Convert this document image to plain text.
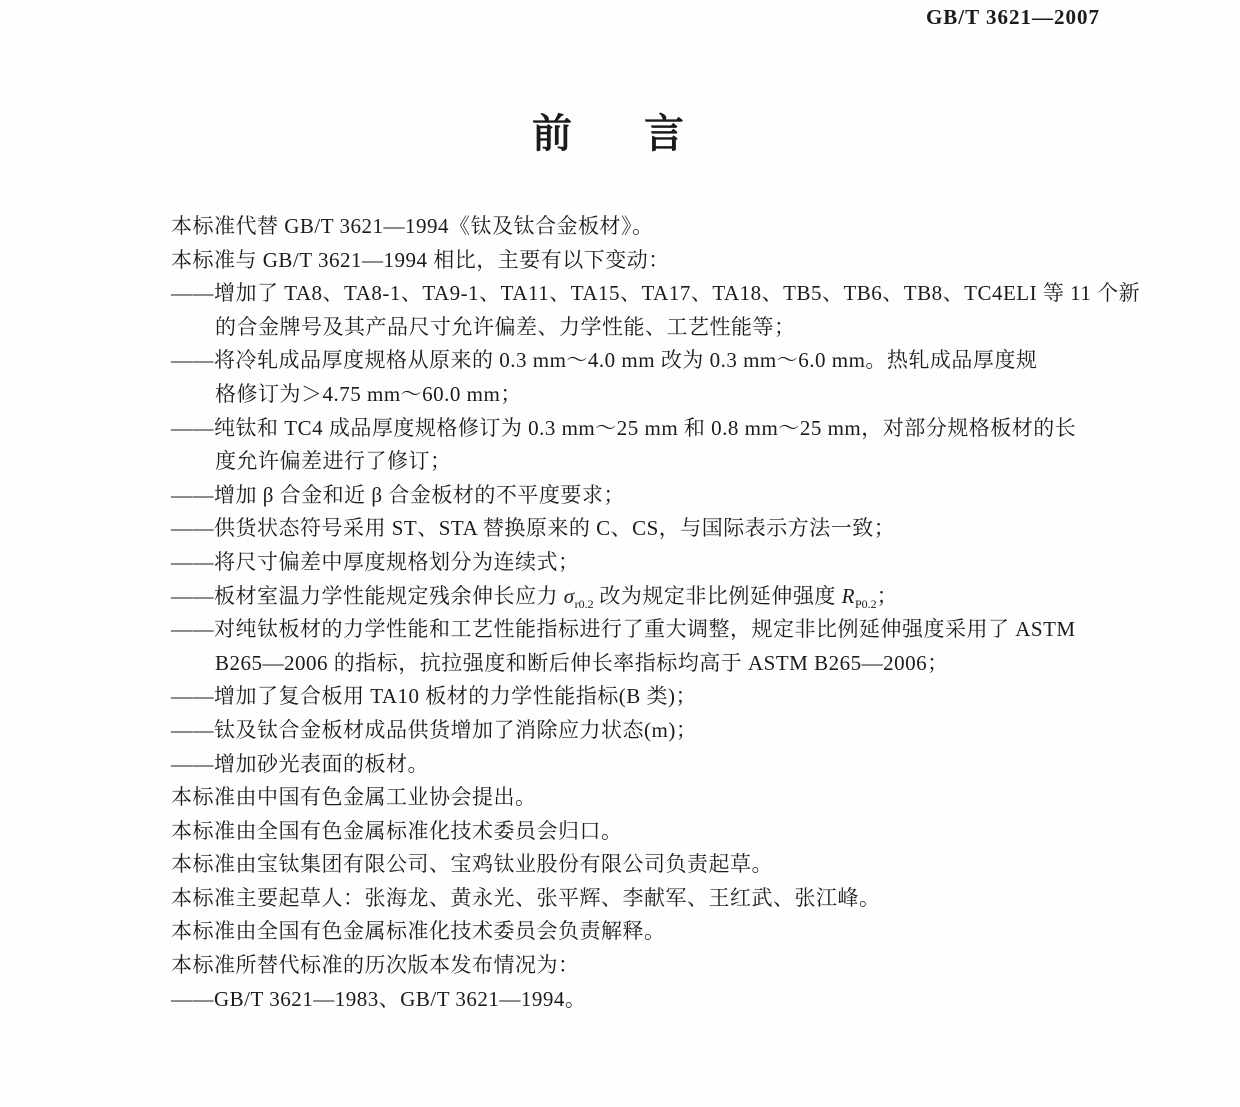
GB/T 3621—2007
前言
本标准代替 GB/T 3621—1994《钛及钛合金板材》。
本标准与 GB/T 3621—1994 相比，主要有以下变动：
——增加了 TA8、TA8-1、TA9-1、TA11、TA15、TA17、TA18、TB5、TB6、TB8、TC4ELI 等 11 个新
的合金牌号及其产品尺寸允许偏差、力学性能、工艺性能等；
——将冷轧成品厚度规格从原来的 0.3 mm～4.0 mm 改为 0.3 mm～6.0 mm。热轧成品厚度规
格修订为＞4.75 mm～60.0 mm；
——纯钛和 TC4 成品厚度规格修订为 0.3 mm～25 mm 和 0.8 mm～25 mm，对部分规格板材的长
度允许偏差进行了修订；
——增加 β 合金和近 β 合金板材的不平度要求；
——供货状态符号采用 ST、STA 替换原来的 C、CS，与国际表示方法一致；
——将尺寸偏差中厚度规格划分为连续式；
——板材室温力学性能规定残余伸长应力 $\sigma_{r0.2}$ 改为规定非比例延伸强度 $R_{P0.2}$；
——对纯钛板材的力学性能和工艺性能指标进行了重大调整，规定非比例延伸强度采用了 ASTM
B265—2006 的指标，抗拉强度和断后伸长率指标均高于 ASTM B265—2006；
——增加了复合板用 TA10 板材的力学性能指标(B 类)；
——钛及钛合金板材成品供货增加了消除应力状态(m)；
——增加砂光表面的板材。
本标准由中国有色金属工业协会提出。
本标准由全国有色金属标准化技术委员会归口。
本标准由宝钛集团有限公司、宝鸡钛业股份有限公司负责起草。
本标准主要起草人：张海龙、黄永光、张平辉、李献军、王红武、张江峰。
本标准由全国有色金属标准化技术委员会负责解释。
本标准所替代标准的历次版本发布情况为：
——GB/T 3621—1983、GB/T 3621—1994。
